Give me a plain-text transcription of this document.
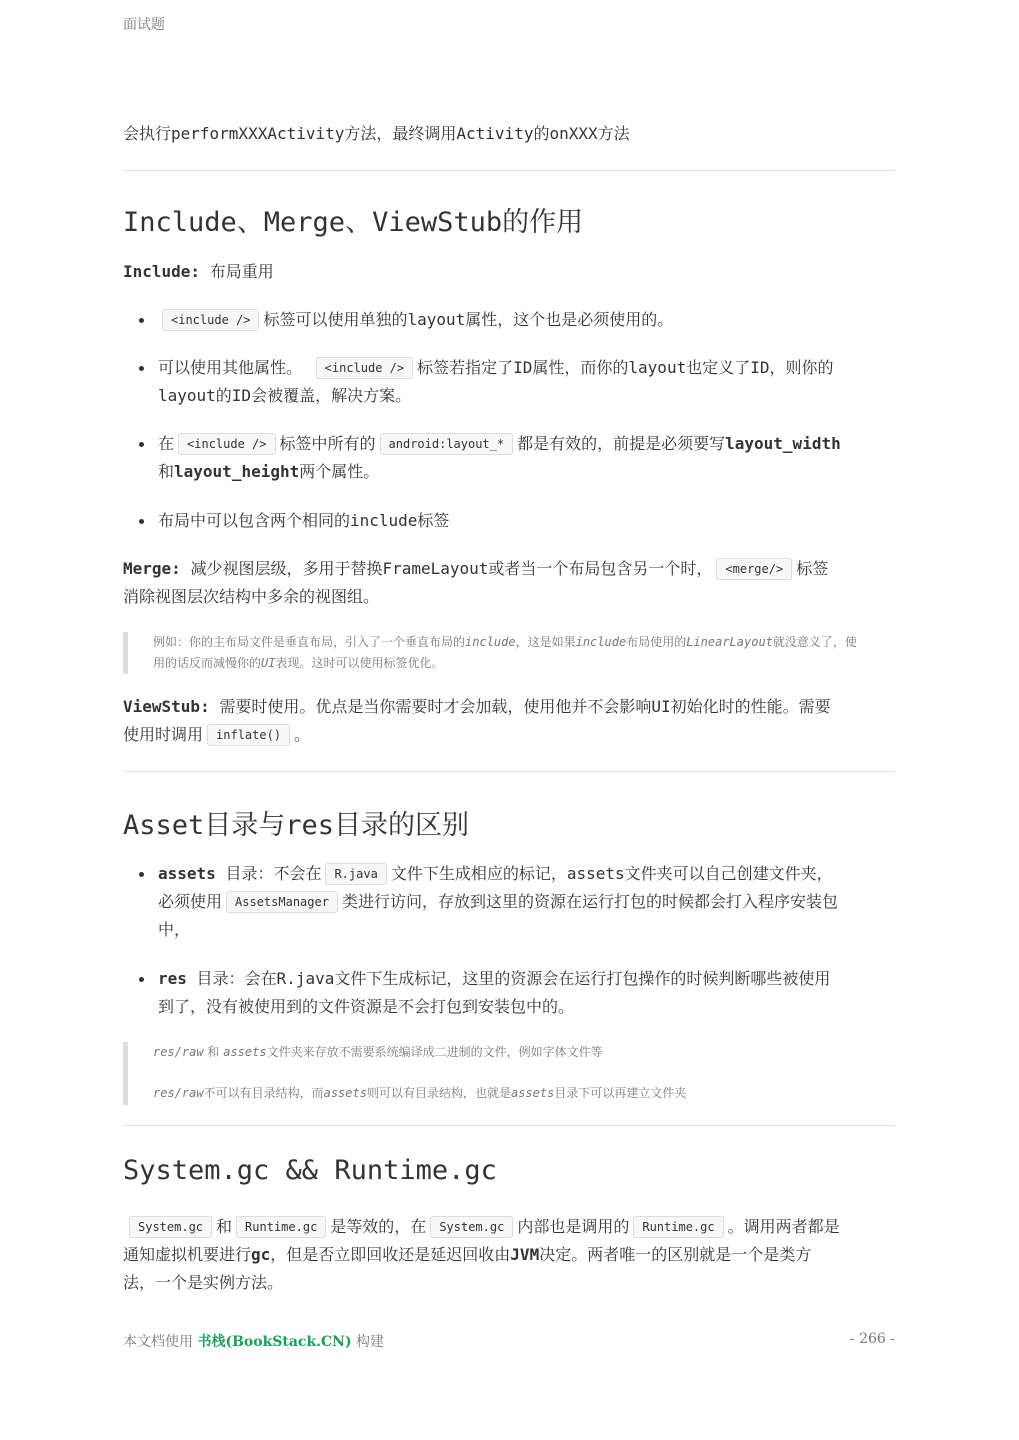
面试题
会执行performXXXActivity方法，最终调用Activity的onXXX方法
Include、Merge、ViewStub的作用
Include: 布局重用
<include /> 标签可以使用单独的layout属性，这个也是必须使用的。
可以使用其他属性。 <include /> 标签若指定了ID属性，而你的layout也定义了ID，则你的
layout的ID会被覆盖，解决方案。
在 <include /> 标签中所有的 android:layout_* 都是有效的，前提是必须要写layout_width
和layout_height两个属性。
布局中可以包含两个相同的include标签
Merge: 减少视图层级，多用于替换FrameLayout或者当一个布局包含另一个时， <merge/> 标签
消除视图层次结构中多余的视图组。

例如：你的主布局文件是垂直布局，引入了一个垂直布局的include，这是如果include布局使用的LinearLayout就没意义了，使
用的话反而减慢你的UI表现。这时可以使用标签优化。

ViewStub: 需要时使用。优点是当你需要时才会加载，使用他并不会影响UI初始化时的性能。需要
使用时调用 inflate() 。
Asset目录与res目录的区别
assets 目录：不会在 R.java 文件下生成相应的标记，assets文件夹可以自己创建文件夹，
必须使用 AssetsManager 类进行访问，存放到这里的资源在运行打包的时候都会打入程序安装包
中，
res 目录：会在R.java文件下生成标记，这里的资源会在运行打包操作的时候判断哪些被使用
到了，没有被使用到的文件资源是不会打包到安装包中的。

res/raw 和 assets文件夹来存放不需要系统编译成二进制的文件，例如字体文件等

res/raw不可以有目录结构，而assets则可以有目录结构，也就是assets目录下可以再建立文件夹

System.gc && Runtime.gc
System.gc 和 Runtime.gc 是等效的，在 System.gc 内部也是调用的 Runtime.gc 。调用两者都是
通知虚拟机要进行gc，但是否立即回收还是延迟回收由JVM决定。两者唯一的区别就是一个是类方
法，一个是实例方法。
本文档使用 书栈(BookStack.CN) 构建	- 266 -
